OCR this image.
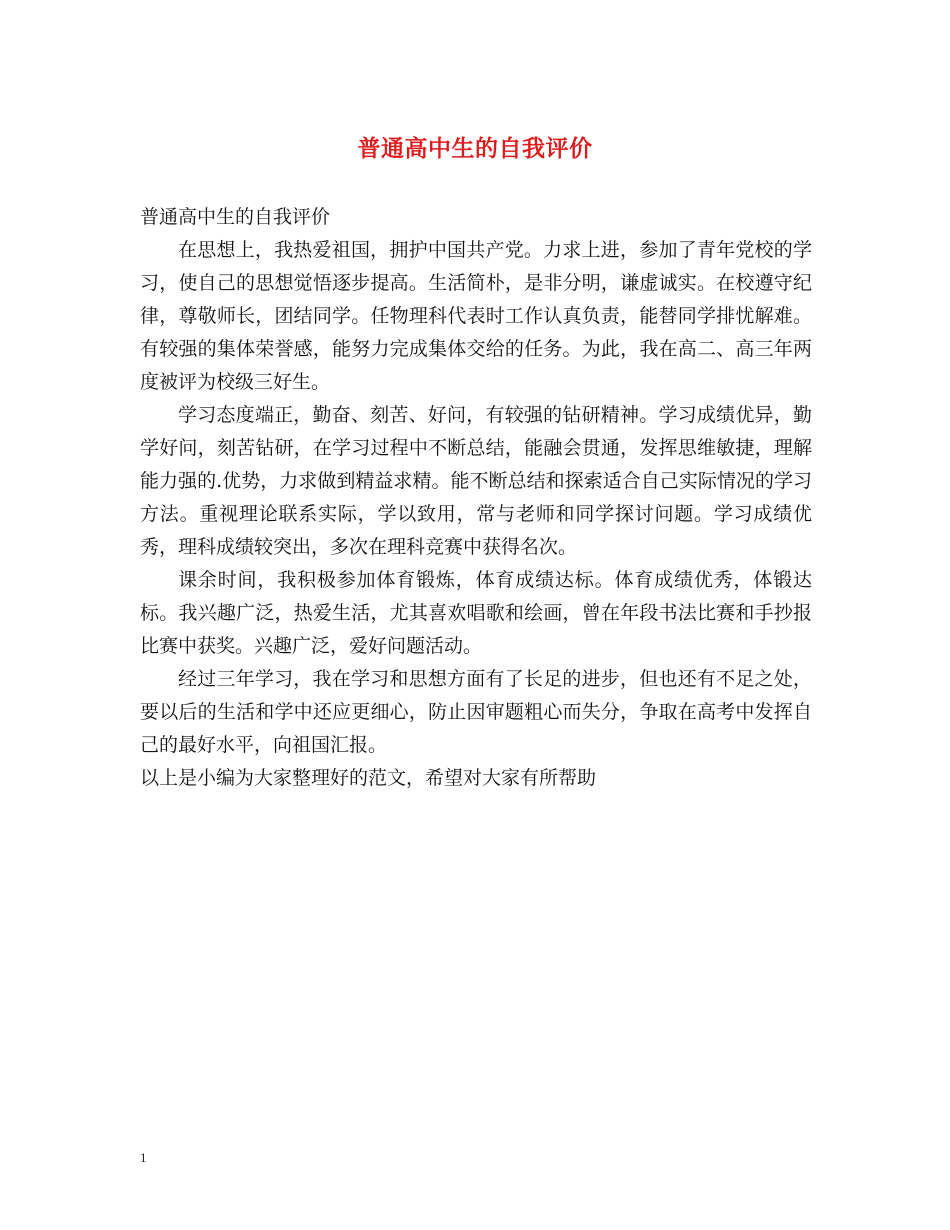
普通高中生的自我评价

普通高中生的自我评价

在思想上，我热爱祖国，拥护中国共产党。力求上进，参加了青年党校的学习，使自己的思想觉悟逐步提高。生活简朴，是非分明，谦虚诚实。在校遵守纪律，尊敬师长，团结同学。任物理科代表时工作认真负责，能替同学排忧解难。有较强的集体荣誉感，能努力完成集体交给的任务。为此，我在高二、高三年两度被评为校级三好生。

学习态度端正，勤奋、刻苦、好问，有较强的钻研精神。学习成绩优异，勤学好问，刻苦钻研，在学习过程中不断总结，能融会贯通，发挥思维敏捷，理解能力强的.优势，力求做到精益求精。能不断总结和探索适合自己实际情况的学习方法。重视理论联系实际，学以致用，常与老师和同学探讨问题。学习成绩优秀，理科成绩较突出，多次在理科竞赛中获得名次。

课余时间，我积极参加体育锻炼，体育成绩达标。体育成绩优秀，体锻达标。我兴趣广泛，热爱生活，尤其喜欢唱歌和绘画，曾在年段书法比赛和手抄报比赛中获奖。兴趣广泛，爱好问题活动。

经过三年学习，我在学习和思想方面有了长足的进步，但也还有不足之处，要以后的生活和学中还应更细心，防止因审题粗心而失分，争取在高考中发挥自己的最好水平，向祖国汇报。

以上是小编为大家整理好的范文，希望对大家有所帮助

1
